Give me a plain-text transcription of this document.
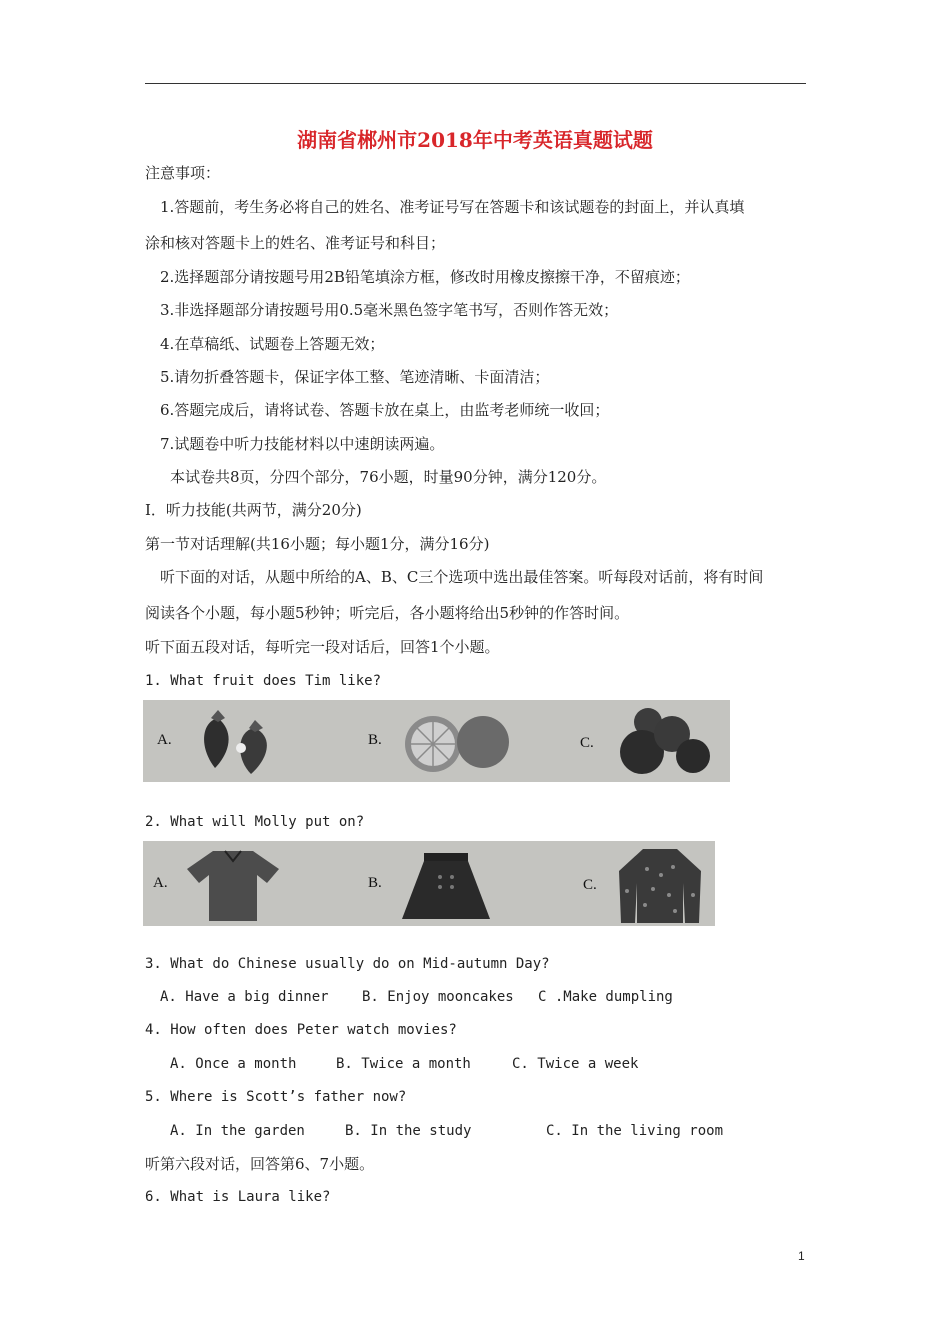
湖南省郴州市2018年中考英语真题试题
注意事项：
1.答题前，考生务必将自己的姓名、准考证号写在答题卡和该试题卷的封面上，并认真填
涂和核对答题卡上的姓名、准考证号和科目；
2.选择题部分请按题号用2B铅笔填涂方框，修改时用橡皮擦擦干净，不留痕迹；
3.非选择题部分请按题号用0.5毫米黑色签字笔书写，否则作答无效；
4.在草稿纸、试题卷上答题无效；
5.请勿折叠答题卡，保证字体工整、笔迹清晰、卡面清洁；
6.答题完成后，请将试卷、答题卡放在桌上，由监考老师统一收回；
7.试题卷中听力技能材料以中速朗读两遍。
本试卷共8页，分四个部分，76小题，时量90分钟，满分120分。
I．听力技能(共两节，满分20分)
第一节对话理解(共16小题；每小题1分，满分16分)
听下面的对话，从题中所给的A、B、C三个选项中选出最佳答案。听每段对话前，将有时间
阅读各个小题，每小题5秒钟；听完后，各小题将给出5秒钟的作答时间。
听下面五段对话，每听完一段对话后，回答1个小题。
1. What fruit does Tim like?
A.	B.	C.
2. What will Molly put on?
A.	B.	C.
3. What do Chinese usually do on Mid-autumn Day?
A. Have a big dinner B. Enjoy mooncakes C .Make dumpling
4. How often does Peter watch movies?
A. Once a month	B. Twice a month	C. Twice a week
5. Where is Scott’s father now?
A. In the garden	B. In the study	C. In the living room
听第六段对话，回答第6、7小题。
6. What is Laura like?
1
